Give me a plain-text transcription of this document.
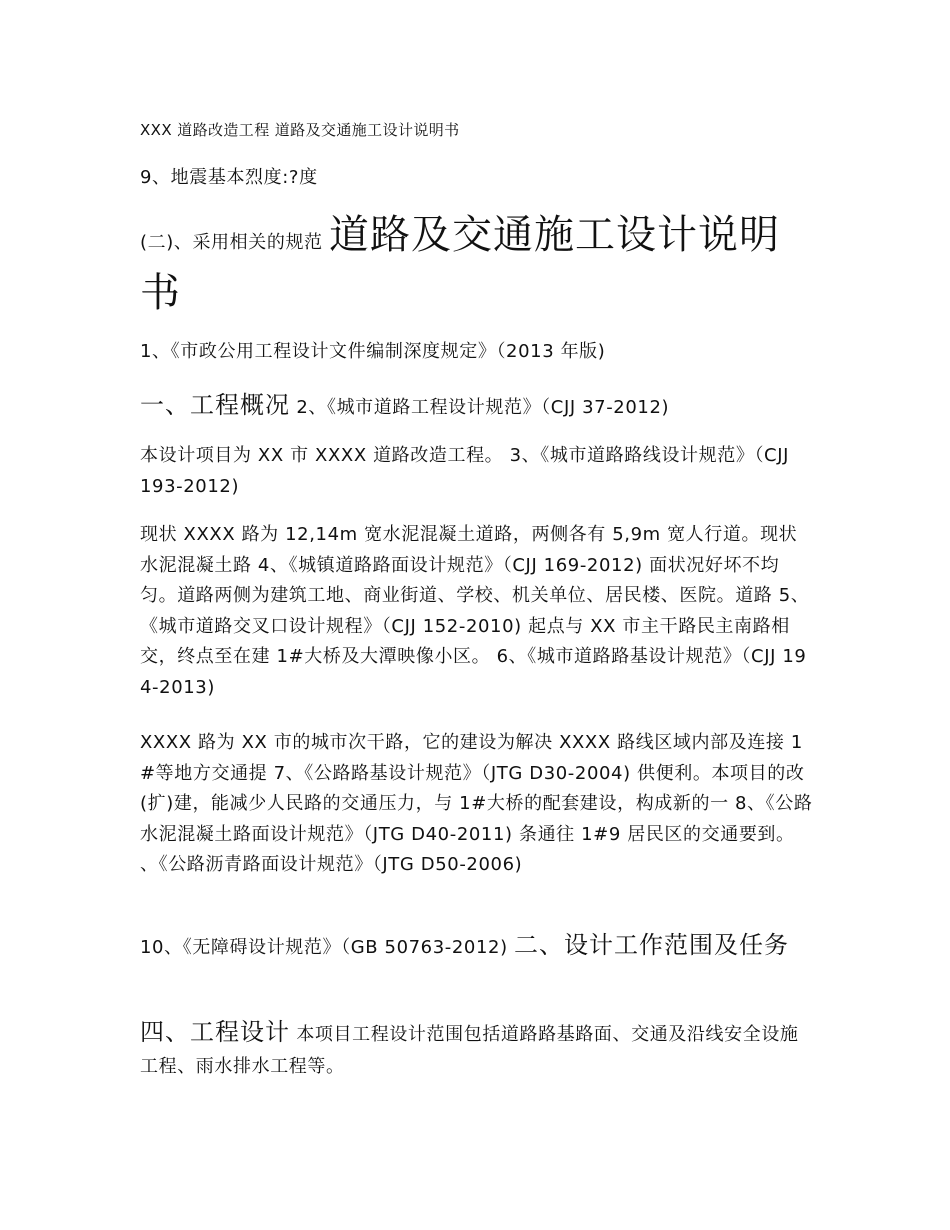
XXX 道路改造工程 道路及交通施工设计说明书

9、地震基本烈度:?度

(二)、采用相关的规范 道路及交通施工设计说明书

1、《市政公用工程设计文件编制深度规定》（2013 年版)

一、工程概况 2、《城市道路工程设计规范》（CJJ 37-2012)

本设计项目为 XX 市 XXXX 道路改造工程。 3、《城市道路路线设计规范》（CJJ 193-2012)

现状 XXXX 路为 12,14m 宽水泥混凝土道路，两侧各有 5,9m 宽人行道。现状水泥混凝土路 4、《城镇道路路面设计规范》（CJJ 169-2012) 面状况好坏不均匀。道路两侧为建筑工地、商业街道、学校、机关单位、居民楼、医院。道路 5、《城市道路交叉口设计规程》（CJJ 152-2010) 起点与 XX 市主干路民主南路相交，终点至在建 1#大桥及大潭映像小区。 6、《城市道路路基设计规范》（CJJ 194-2013)

XXXX 路为 XX 市的城市次干路，它的建设为解决 XXXX 路线区域内部及连接 1#等地方交通提 7、《公路路基设计规范》（JTG D30-2004) 供便利。本项目的改(扩)建，能减少人民路的交通压力，与 1#大桥的配套建设，构成新的一 8、《公路水泥混凝土路面设计规范》（JTG D40-2011) 条通往 1#9 居民区的交通要到。 、《公路沥青路面设计规范》（JTG D50-2006)

10、《无障碍设计规范》（GB 50763-2012) 二、设计工作范围及任务

四、工程设计 本项目工程设计范围包括道路路基路面、交通及沿线安全设施工程、雨水排水工程等。
